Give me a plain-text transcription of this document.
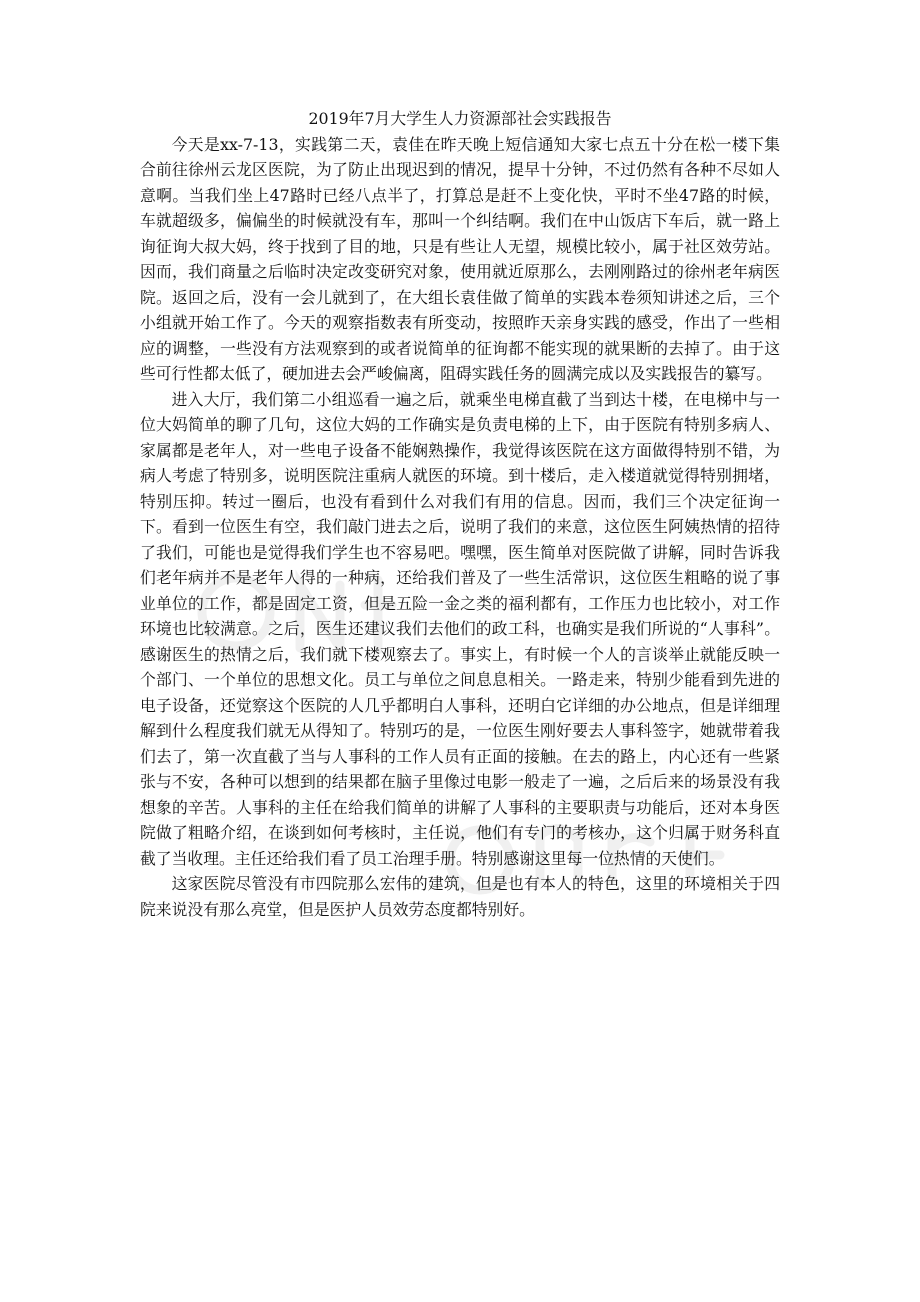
2019年7月大学生人力资源部社会实践报告

今天是xx-7-13，实践第二天，袁佳在昨天晚上短信通知大家七点五十分在松一楼下集合前往徐州云龙区医院，为了防止出现迟到的情况，提早十分钟，不过仍然有各种不尽如人意啊。当我们坐上47路时已经八点半了，打算总是赶不上变化快，平时不坐47路的时候，车就超级多，偏偏坐的时候就没有车，那叫一个纠结啊。我们在中山饭店下车后，就一路上询征询大叔大妈，终于找到了目的地，只是有些让人无望，规模比较小，属于社区效劳站。因而，我们商量之后临时决定改变研究对象，使用就近原那么，去刚刚路过的徐州老年病医院。返回之后，没有一会儿就到了，在大组长袁佳做了简单的实践本卷须知讲述之后，三个小组就开始工作了。今天的观察指数表有所变动，按照昨天亲身实践的感受，作出了一些相应的调整，一些没有方法观察到的或者说简单的征询都不能实现的就果断的去掉了。由于这些可行性都太低了，硬加进去会严峻偏离，阻碍实践任务的圆满完成以及实践报告的纂写。

进入大厅，我们第二小组巡看一遍之后，就乘坐电梯直截了当到达十楼，在电梯中与一位大妈简单的聊了几句，这位大妈的工作确实是负责电梯的上下，由于医院有特别多病人、家属都是老年人，对一些电子设备不能娴熟操作，我觉得该医院在这方面做得特别不错，为病人考虑了特别多，说明医院注重病人就医的环境。到十楼后，走入楼道就觉得特别拥堵，特别压抑。转过一圈后，也没有看到什么对我们有用的信息。因而，我们三个决定征询一下。看到一位医生有空，我们敲门进去之后，说明了我们的来意，这位医生阿姨热情的招待了我们，可能也是觉得我们学生也不容易吧。嘿嘿，医生简单对医院做了讲解，同时告诉我们老年病并不是老年人得的一种病，还给我们普及了一些生活常识，这位医生粗略的说了事业单位的工作，都是固定工资，但是五险一金之类的福利都有，工作压力也比较小，对工作环境也比较满意。之后，医生还建议我们去他们的政工科，也确实是我们所说的“人事科”。感谢医生的热情之后，我们就下楼观察去了。事实上，有时候一个人的言谈举止就能反映一个部门、一个单位的思想文化。员工与单位之间息息相关。一路走来，特别少能看到先进的电子设备，还觉察这个医院的人几乎都明白人事科，还明白它详细的办公地点，但是详细理解到什么程度我们就无从得知了。特别巧的是，一位医生刚好要去人事科签字，她就带着我们去了，第一次直截了当与人事科的工作人员有正面的接触。在去的路上，内心还有一些紧张与不安，各种可以想到的结果都在脑子里像过电影一般走了一遍，之后后来的场景没有我想象的辛苦。人事科的主任在给我们简单的讲解了人事科的主要职责与功能后，还对本身医院做了粗略介绍，在谈到如何考核时，主任说，他们有专门的考核办，这个归属于财务科直截了当收理。主任还给我们看了员工治理手册。特别感谢这里每一位热情的天使们。

这家医院尽管没有市四院那么宏伟的建筑，但是也有本人的特色，这里的环境相关于四院来说没有那么亮堂，但是医护人员效劳态度都特别好。
